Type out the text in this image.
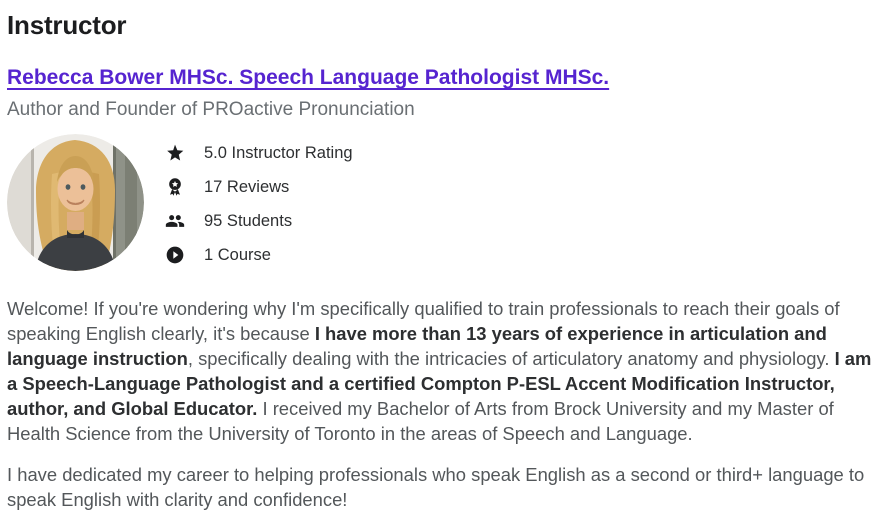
Instructor
Rebecca Bower MHSc. Speech Language Pathologist MHSc.
Author and Founder of PROactive Pronunciation
5.0 Instructor Rating
17 Reviews
95 Students
1 Course

Welcome! If you're wondering why I'm specifically qualified to train professionals to reach their goals of speaking English clearly, it's because I have more than 13 years of experience in articulation and language instruction, specifically dealing with the intricacies of articulatory anatomy and physiology. I am a Speech-Language Pathologist and a certified Compton P-ESL Accent Modification Instructor, author, and Global Educator. I received my Bachelor of Arts from Brock University and my Master of Health Science from the University of Toronto in the areas of Speech and Language.

I have dedicated my career to helping professionals who speak English as a second or third+ language to speak English with clarity and confidence!
